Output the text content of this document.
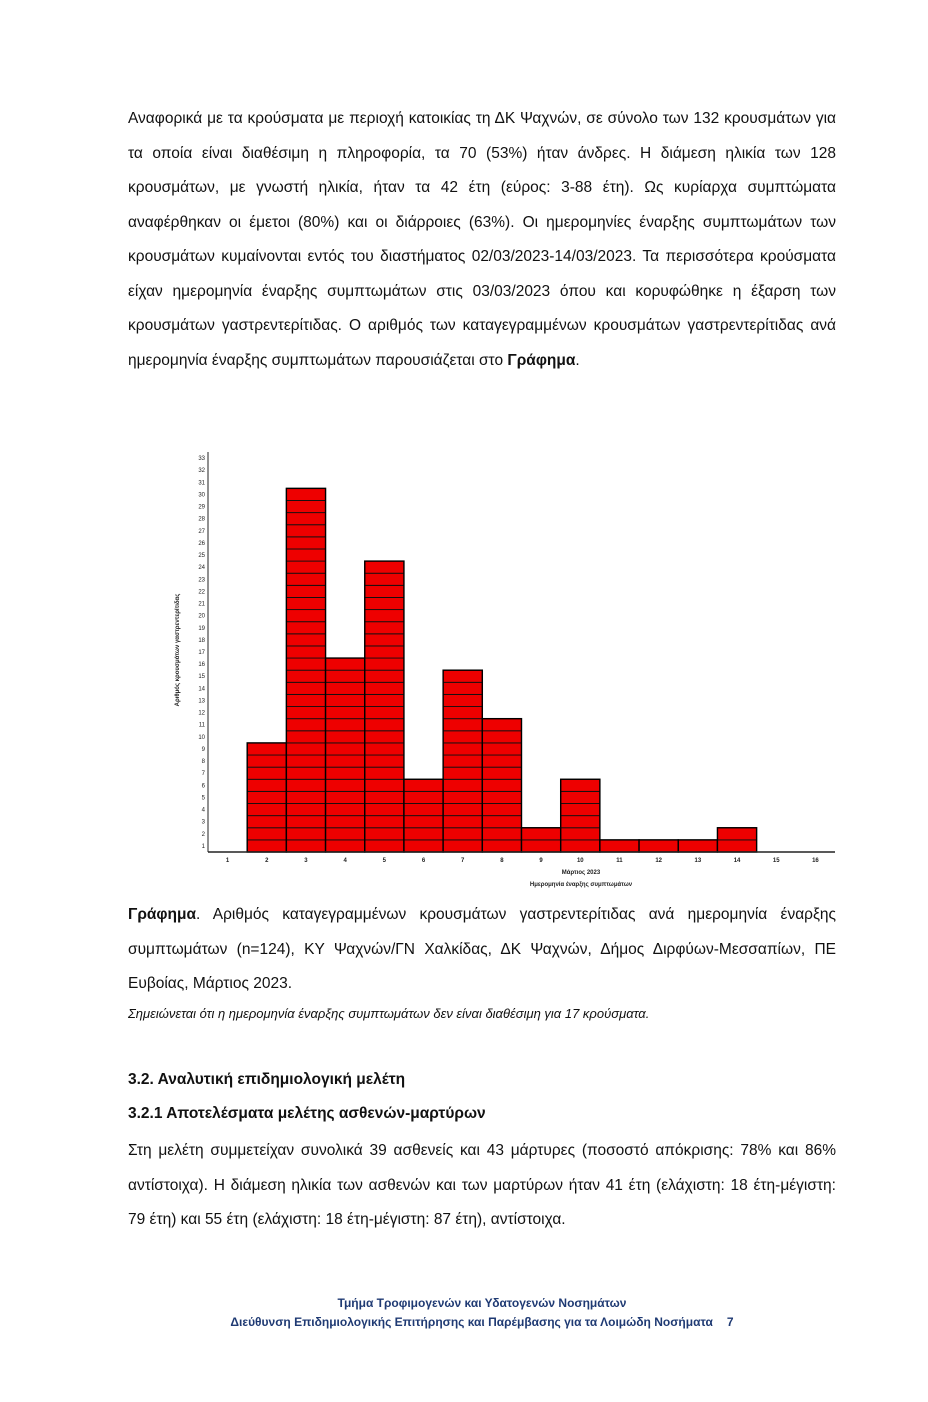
Αναφορικά με τα κρούσματα με περιοχή κατοικίας τη ΔΚ Ψαχνών, σε σύνολο των 132 κρουσμάτων για τα οποία είναι διαθέσιμη η πληροφορία, τα 70 (53%) ήταν άνδρες. Η διάμεση ηλικία των 128 κρουσμάτων, με γνωστή ηλικία, ήταν τα 42 έτη (εύρος: 3-88 έτη). Ως κυρίαρχα συμπτώματα αναφέρθηκαν οι έμετοι (80%) και οι διάρροιες (63%). Οι ημερομηνίες έναρξης συμπτωμάτων των κρουσμάτων κυμαίνονται εντός του διαστήματος 02/03/2023-14/03/2023. Τα περισσότερα κρούσματα είχαν ημερομηνία έναρξης συμπτωμάτων στις 03/03/2023 όπου και κορυφώθηκε η έξαρση των κρουσμάτων γαστρεντερίτιδας. Ο αριθμός των καταγεγραμμένων κρουσμάτων γαστρεντερίτιδας ανά ημερομηνία έναρξης συμπτωμάτων παρουσιάζεται στο Γράφημα.

1
2
3
4
5
6
7
8
9
10
11
12
13
14
15
16
17
18
19
20
21
22
23
24
25
26
27
28
29
30
31
32
33
1	2	3	4	5	6	7	8	9	10	11	12	13	14	15	16
Αριθμός κρουσμάτων γαστρεντερίτιδας
Μάρτιος 2023
Ημερομηνία έναρξης συμπτωμάτων

Γράφημα. Αριθμός καταγεγραμμένων κρουσμάτων γαστρεντερίτιδας ανά ημερομηνία έναρξης συμπτωμάτων (n=124), ΚΥ Ψαχνών/ΓΝ Χαλκίδας, ΔΚ Ψαχνών, Δήμος Διρφύων-Μεσσαπίων, ΠΕ Ευβοίας, Μάρτιος 2023.

Σημειώνεται ότι η ημερομηνία έναρξης συμπτωμάτων δεν είναι διαθέσιμη για 17 κρούσματα.

3.2. Αναλυτική επιδημιολογική μελέτη

3.2.1 Αποτελέσματα μελέτης ασθενών-μαρτύρων

Στη μελέτη συμμετείχαν συνολικά 39 ασθενείς και 43 μάρτυρες (ποσοστό απόκρισης: 78% και 86% αντίστοιχα). Η διάμεση ηλικία των ασθενών και των μαρτύρων ήταν 41 έτη (ελάχιστη: 18 έτη-μέγιστη: 79 έτη) και 55 έτη (ελάχιστη: 18 έτη-μέγιστη: 87 έτη), αντίστοιχα.

Τμήμα Τροφιμογενών και Υδατογενών Νοσημάτων

Διεύθυνση Επιδημιολογικής Επιτήρησης και Παρέμβασης για τα Λοιμώδη Νοσήματα 7
